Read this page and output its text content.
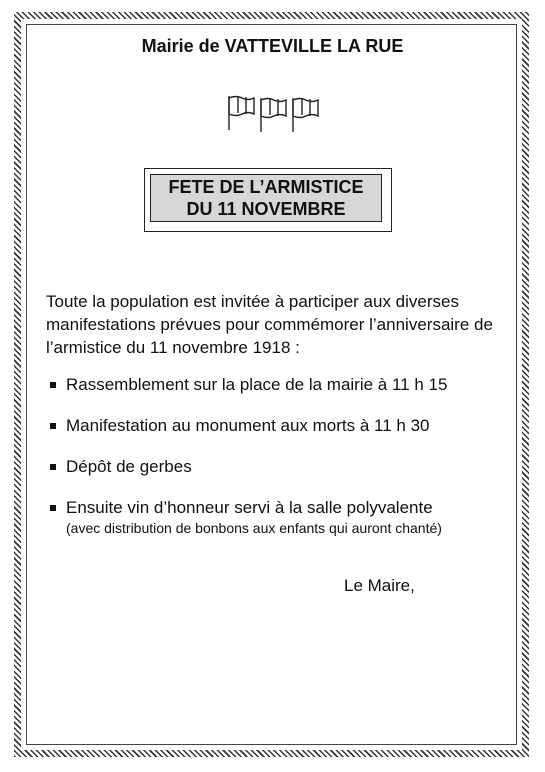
Mairie de VATTEVILLE LA RUE
FETE DE L’ARMISTICE
DU 11 NOVEMBRE
Toute la population est invitée à participer aux diverses manifestations prévues pour commémorer l’anniversaire de l’armistice du 11 novembre 1918 :
Rassemblement sur la place de la mairie à 11 h 15
Manifestation au monument aux morts à 11 h 30
Dépôt de gerbes
Ensuite vin d’honneur servi à la salle polyvalente
(avec distribution de bonbons aux enfants qui auront chanté)
Le Maire,
